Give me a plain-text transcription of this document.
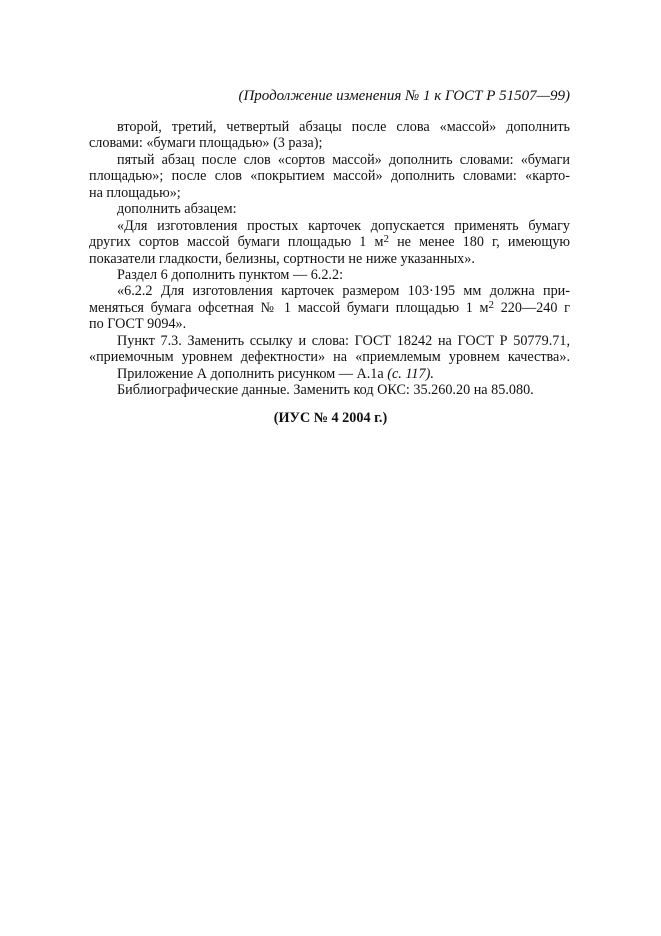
(Продолжение изменения № 1 к ГОСТ Р 51507—99)
второй, третий, четвертый абзацы после слова «массой» дополнить
словами: «бумаги площадью» (3 раза);
пятый абзац после слов «сортов массой» дополнить словами: «бумаги
площадью»; после слов «покрытием массой» дополнить словами: «карто-
на площадью»;
дополнить абзацем:
«Для изготовления простых карточек допускается применять бумагу
других сортов массой бумаги площадью 1 $м^2$ не менее 180 г, имеющую
показатели гладкости, белизны, сортности не ниже указанных».
Раздел 6 дополнить пунктом — 6.2.2:
«6.2.2 Для изготовления карточек размером 103·195 мм должна при-
меняться бумага офсетная № 1 массой бумаги площадью 1 $м^2$ 220—240 г
по ГОСТ 9094».
Пункт 7.3. Заменить ссылку и слова: ГОСТ 18242 на ГОСТ Р 50779.71,
«приемочным уровнем дефектности» на «приемлемым уровнем качества».
Приложение А дополнить рисунком — А.1а (с. 117).
Библиографические данные. Заменить код ОКС: 35.260.20 на 85.080.
(ИУС № 4 2004 г.)
